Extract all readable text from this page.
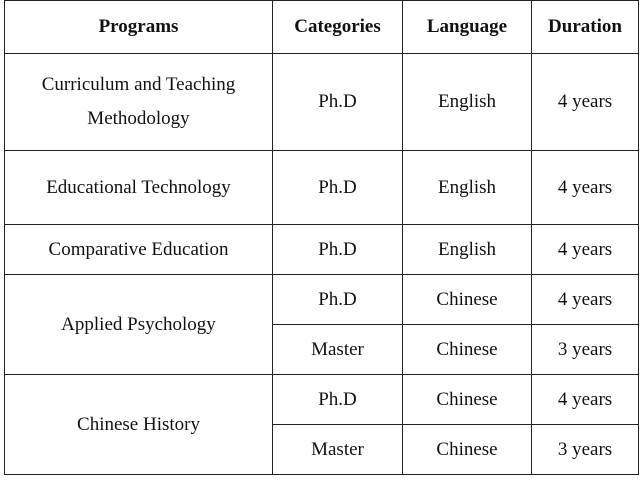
Programs	Categories	Language	Duration
Curriculum and Teaching Methodology	Ph.D	English	4 years
Educational Technology	Ph.D	English	4 years
Comparative Education	Ph.D	English	4 years
Applied Psychology	Ph.D	Chinese	4 years
	Master	Chinese	3 years
Chinese History	Ph.D	Chinese	4 years
	Master	Chinese	3 years
